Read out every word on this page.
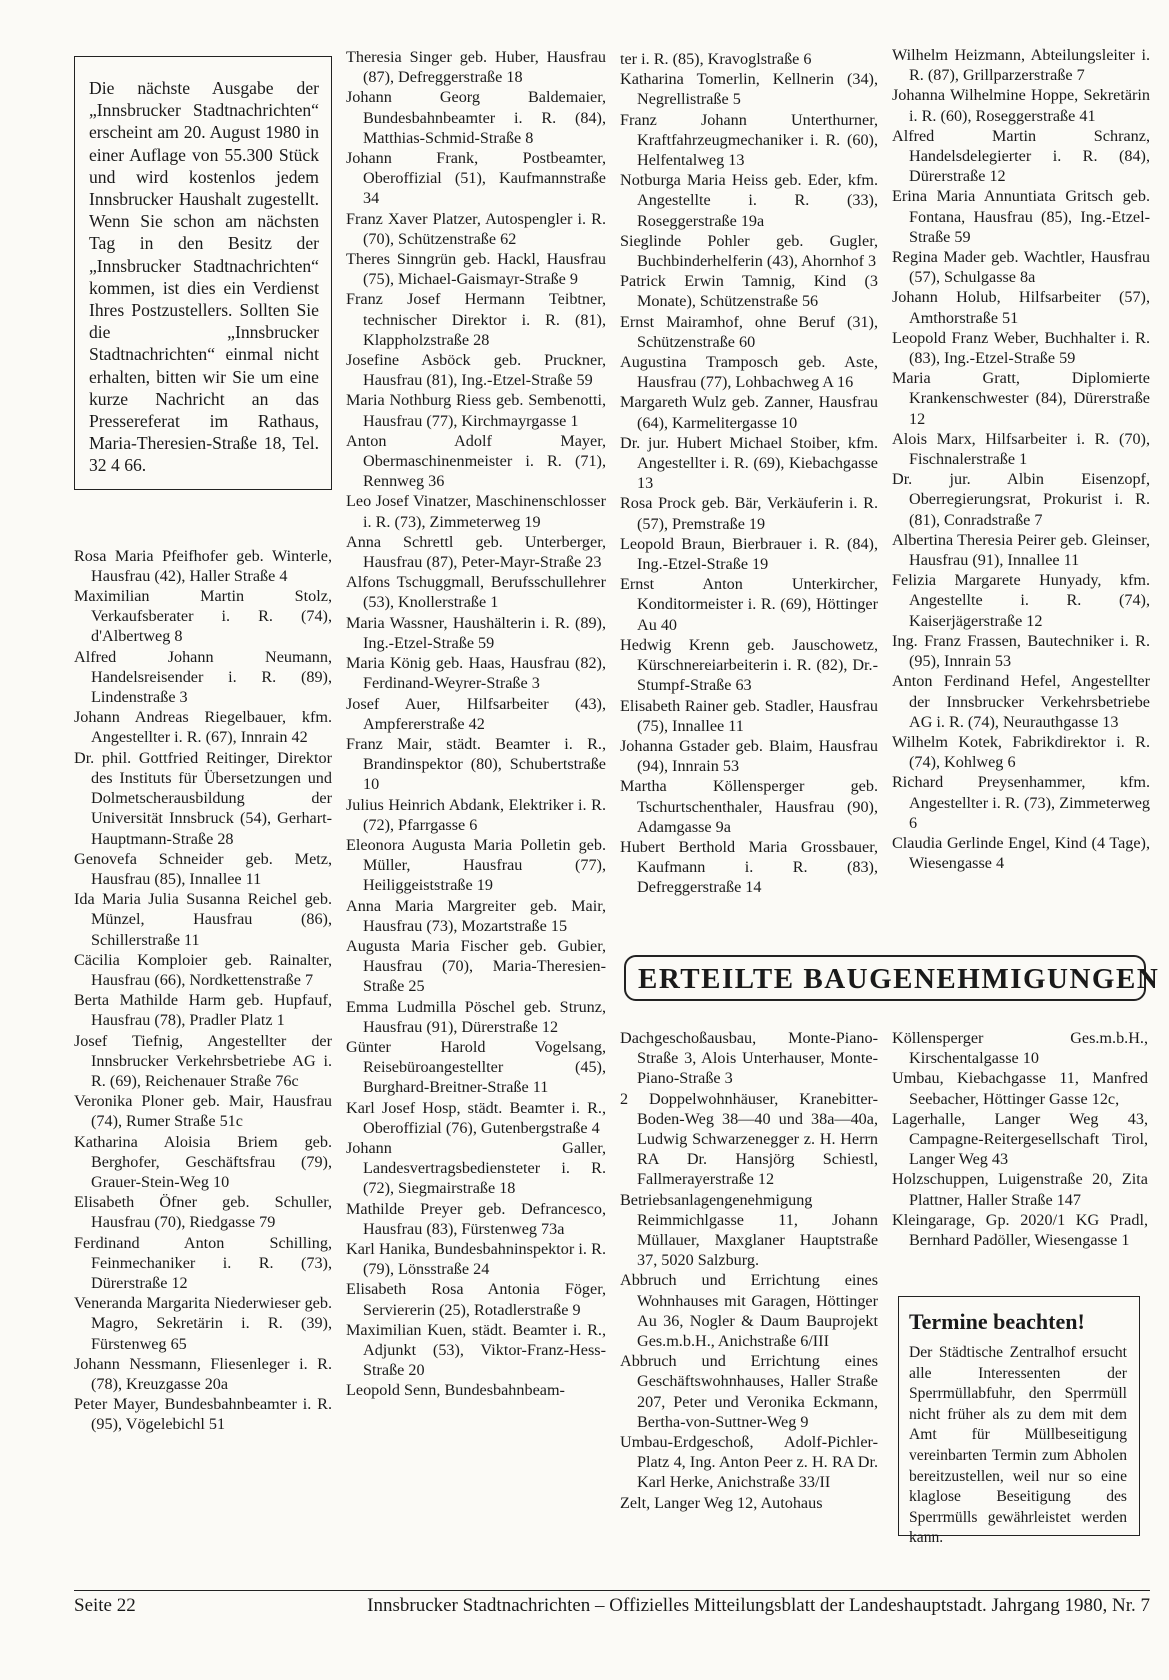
Die nächste Ausgabe der „Innsbrucker Stadtnachrichten“ erscheint am 20. August 1980 in einer Auflage von 55.300 Stück und wird kostenlos jedem Innsbrucker Haushalt zugestellt. Wenn Sie schon am nächsten Tag in den Besitz der „Innsbrucker Stadtnachrichten“ kommen, ist dies ein Verdienst Ihres Postzustellers. Sollten Sie die „Innsbrucker Stadtnachrichten“ einmal nicht erhalten, bitten wir Sie um eine kurze Nachricht an das Pressereferat im Rathaus, Maria-Theresien-Straße 18, Tel. 32 4 66.
Rosa Maria Pfeifhofer geb. Winterle, Hausfrau (42), Haller Straße 4
Maximilian Martin Stolz, Verkaufsberater i. R. (74), d'Albertweg 8
Alfred Johann Neumann, Handelsreisender i. R. (89), Lindenstraße 3
Johann Andreas Riegelbauer, kfm. Angestellter i. R. (67), Innrain 42
Dr. phil. Gottfried Reitinger, Direktor des Instituts für Übersetzungen und Dolmetscherausbildung der Universität Innsbruck (54), Gerhart-Hauptmann-Straße 28
Genovefa Schneider geb. Metz, Hausfrau (85), Innallee 11
Ida Maria Julia Susanna Reichel geb. Münzel, Hausfrau (86), Schillerstraße 11
Cäcilia Komploier geb. Rainalter, Hausfrau (66), Nordkettenstraße 7
Berta Mathilde Harm geb. Hupfauf, Hausfrau (78), Pradler Platz 1
Josef Tiefnig, Angestellter der Innsbrucker Verkehrsbetriebe AG i. R. (69), Reichenauer Straße 76c
Veronika Ploner geb. Mair, Hausfrau (74), Rumer Straße 51c
Katharina Aloisia Briem geb. Berghofer, Geschäftsfrau (79), Grauer-Stein-Weg 10
Elisabeth Öfner geb. Schuller, Hausfrau (70), Riedgasse 79
Ferdinand Anton Schilling, Feinmechaniker i. R. (73), Dürerstraße 12
Veneranda Margarita Niederwieser geb. Magro, Sekretärin i. R. (39), Fürstenweg 65
Johann Nessmann, Fliesenleger i. R. (78), Kreuzgasse 20a
Peter Mayer, Bundesbahnbeamter i. R. (95), Vögelebichl 51
Theresia Singer geb. Huber, Hausfrau (87), Defreggerstraße 18
Johann Georg Baldemaier, Bundesbahnbeamter i. R. (84), Matthias-Schmid-Straße 8
Johann Frank, Postbeamter, Oberoffizial (51), Kaufmannstraße 34
Franz Xaver Platzer, Autospengler i. R. (70), Schützenstraße 62
Theres Sinngrün geb. Hackl, Hausfrau (75), Michael-Gaismayr-Straße 9
Franz Josef Hermann Teibtner, technischer Direktor i. R. (81), Klappholzstraße 28
Josefine Asböck geb. Pruckner, Hausfrau (81), Ing.-Etzel-Straße 59
Maria Nothburg Riess geb. Sembenotti, Hausfrau (77), Kirchmayrgasse 1
Anton Adolf Mayer, Obermaschinenmeister i. R. (71), Rennweg 36
Leo Josef Vinatzer, Maschinenschlosser i. R. (73), Zimmeterweg 19
Anna Schrettl geb. Unterberger, Hausfrau (87), Peter-Mayr-Straße 23
Alfons Tschuggmall, Berufsschullehrer (53), Knollerstraße 1
Maria Wassner, Haushälterin i. R. (89), Ing.-Etzel-Straße 59
Maria König geb. Haas, Hausfrau (82), Ferdinand-Weyrer-Straße 3
Josef Auer, Hilfsarbeiter (43), Ampfererstraße 42
Franz Mair, städt. Beamter i. R., Brandinspektor (80), Schubertstraße 10
Julius Heinrich Abdank, Elektriker i. R. (72), Pfarrgasse 6
Eleonora Augusta Maria Polletin geb. Müller, Hausfrau (77), Heiliggeiststraße 19
Anna Maria Margreiter geb. Mair, Hausfrau (73), Mozartstraße 15
Augusta Maria Fischer geb. Gubier, Hausfrau (70), Maria-Theresien-Straße 25
Emma Ludmilla Pöschel geb. Strunz, Hausfrau (91), Dürerstraße 12
Günter Harold Vogelsang, Reisebüroangestellter (45), Burghard-Breitner-Straße 11
Karl Josef Hosp, städt. Beamter i. R., Oberoffizial (76), Gutenbergstraße 4
Johann Galler, Landesvertragsbediensteter i. R. (72), Siegmairstraße 18
Mathilde Preyer geb. Defrancesco, Hausfrau (83), Fürstenweg 73a
Karl Hanika, Bundesbahninspektor i. R. (79), Lönsstraße 24
Elisabeth Rosa Antonia Föger, Serviererin (25), Rotadlerstraße 9
Maximilian Kuen, städt. Beamter i. R., Adjunkt (53), Viktor-Franz-Hess-Straße 20
Leopold Senn, Bundesbahnbeam-
ter i. R. (85), Kravoglstraße 6
Katharina Tomerlin, Kellnerin (34), Negrellistraße 5
Franz Johann Unterthurner, Kraftfahrzeugmechaniker i. R. (60), Helfentalweg 13
Notburga Maria Heiss geb. Eder, kfm. Angestellte i. R. (33), Roseggerstraße 19a
Sieglinde Pohler geb. Gugler, Buchbinderhelferin (43), Ahornhof 3
Patrick Erwin Tamnig, Kind (3 Monate), Schützenstraße 56
Ernst Mairamhof, ohne Beruf (31), Schützenstraße 60
Augustina Tramposch geb. Aste, Hausfrau (77), Lohbachweg A 16
Margareth Wulz geb. Zanner, Hausfrau (64), Karmelitergasse 10
Dr. jur. Hubert Michael Stoiber, kfm. Angestellter i. R. (69), Kiebachgasse 13
Rosa Prock geb. Bär, Verkäuferin i. R. (57), Premstraße 19
Leopold Braun, Bierbrauer i. R. (84), Ing.-Etzel-Straße 19
Ernst Anton Unterkircher, Konditormeister i. R. (69), Höttinger Au 40
Hedwig Krenn geb. Jauschowetz, Kürschnereiarbeiterin i. R. (82), Dr.-Stumpf-Straße 63
Elisabeth Rainer geb. Stadler, Hausfrau (75), Innallee 11
Johanna Gstader geb. Blaim, Hausfrau (94), Innrain 53
Martha Köllensperger geb. Tschurtschenthaler, Hausfrau (90), Adamgasse 9a
Hubert Berthold Maria Grossbauer, Kaufmann i. R. (83), Defreggerstraße 14
Wilhelm Heizmann, Abteilungsleiter i. R. (87), Grillparzerstraße 7
Johanna Wilhelmine Hoppe, Sekretärin i. R. (60), Roseggerstraße 41
Alfred Martin Schranz, Handelsdelegierter i. R. (84), Dürerstraße 12
Erina Maria Annuntiata Gritsch geb. Fontana, Hausfrau (85), Ing.-Etzel-Straße 59
Regina Mader geb. Wachtler, Hausfrau (57), Schulgasse 8a
Johann Holub, Hilfsarbeiter (57), Amthorstraße 51
Leopold Franz Weber, Buchhalter i. R. (83), Ing.-Etzel-Straße 59
Maria Gratt, Diplomierte Krankenschwester (84), Dürerstraße 12
Alois Marx, Hilfsarbeiter i. R. (70), Fischnalerstraße 1
Dr. jur. Albin Eisenzopf, Oberregierungsrat, Prokurist i. R. (81), Conradstraße 7
Albertina Theresia Peirer geb. Gleinser, Hausfrau (91), Innallee 11
Felizia Margarete Hunyady, kfm. Angestellte i. R. (74), Kaiserjägerstraße 12
Ing. Franz Frassen, Bautechniker i. R. (95), Innrain 53
Anton Ferdinand Hefel, Angestellter der Innsbrucker Verkehrsbetriebe AG i. R. (74), Neurauthgasse 13
Wilhelm Kotek, Fabrikdirektor i. R. (74), Kohlweg 6
Richard Preysenhammer, kfm. Angestellter i. R. (73), Zimmeterweg 6
Claudia Gerlinde Engel, Kind (4 Tage), Wiesengasse 4
ERTEILTE BAUGENEHMIGUNGEN
Dachgeschoßausbau, Monte-Piano-Straße 3, Alois Unterhauser, Monte-Piano-Straße 3
2 Doppelwohnhäuser, Kranebitter-Boden-Weg 38—40 und 38a—40a, Ludwig Schwarzenegger z. H. Herrn RA Dr. Hansjörg Schiestl, Fallmerayerstraße 12
Betriebsanlagengenehmigung Reimmichlgasse 11, Johann Müllauer, Maxglaner Hauptstraße 37, 5020 Salzburg.
Abbruch und Errichtung eines Wohnhauses mit Garagen, Höttinger Au 36, Nogler & Daum Bauprojekt Ges.m.b.H., Anichstraße 6/III
Abbruch und Errichtung eines Geschäftswohnhauses, Haller Straße 207, Peter und Veronika Eckmann, Bertha-von-Suttner-Weg 9
Umbau-Erdgeschoß, Adolf-Pichler-Platz 4, Ing. Anton Peer z. H. RA Dr. Karl Herke, Anichstraße 33/II
Zelt, Langer Weg 12, Autohaus
Köllensperger Ges.m.b.H., Kirschentalgasse 10
Umbau, Kiebachgasse 11, Manfred Seebacher, Höttinger Gasse 12c,
Lagerhalle, Langer Weg 43, Campagne-Reitergesellschaft Tirol, Langer Weg 43
Holzschuppen, Luigenstraße 20, Zita Plattner, Haller Straße 147
Kleingarage, Gp. 2020/1 KG Pradl, Bernhard Padöller, Wiesengasse 1
Termine beachten!

Der Städtische Zentralhof ersucht alle Interessenten der Sperrmüllabfuhr, den Sperrmüll nicht früher als zu dem mit dem Amt für Müllbeseitigung vereinbarten Termin zum Abholen bereitzustellen, weil nur so eine klaglose Beseitigung des Sperrmülls gewährleistet werden kann.

Seite 22	Innsbrucker Stadtnachrichten – Offizielles Mitteilungsblatt der Landeshauptstadt. Jahrgang 1980, Nr. 7
